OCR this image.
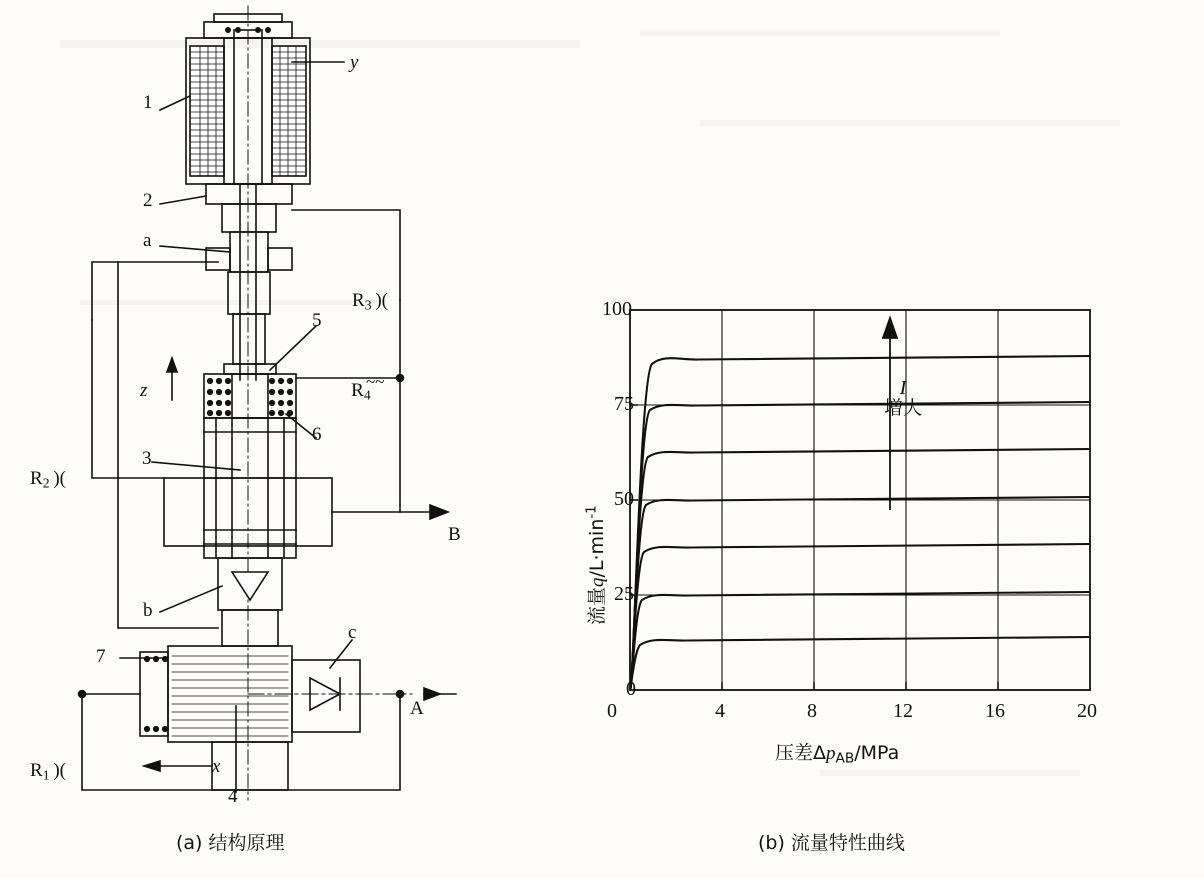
1
2
a
5
6
3
b
c
7
4
y
z
x
B
A
$R_3$ )(
~~ $R_4$
$R_2$ )(
$R_1$ )(
100
75
50
25
0
0	4	8	12	16	20
流量$q/L\cdot\min^{-1}$
压差ΔpAB/MPa
I
增大
(a) 结构原理	(b) 流量特性曲线
